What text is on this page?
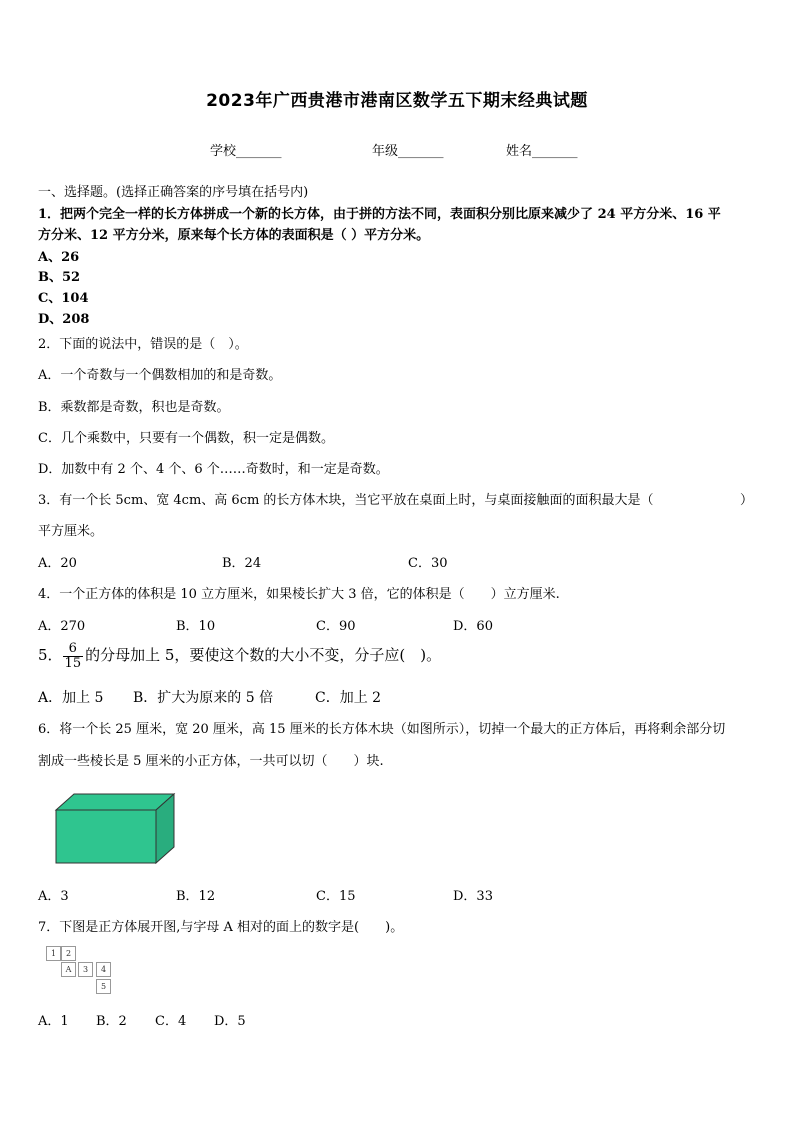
2023年广西贵港市港南区数学五下期末经典试题
学校_______	年级_______	姓名_______
一、选择题。(选择正确答案的序号填在括号内)
1．把两个完全一样的长方体拼成一个新的长方体，由于拼的方法不同，表面积分别比原来减少了 24 平方分米、16 平
方分米、12 平方分米，原来每个长方体的表面积是（ ）平方分米。
A、26
B、52
C、104
D、208
2．下面的说法中，错误的是（　）。
A．一个奇数与一个偶数相加的和是奇数。
B．乘数都是奇数，积也是奇数。
C．几个乘数中，只要有一个偶数，积一定是偶数。
D．加数中有 2 个、4 个、6 个……奇数时，和一定是奇数。
3．有一个长 5cm、宽 4cm、高 6cm 的长方体木块，当它平放在桌面上时，与桌面接触面的面积最大是（	）
平方厘米。
A．20	B．24	C．30
4．一个正方体的体积是 10 立方厘米，如果棱长扩大 3 倍，它的体积是（　　）立方厘米.
A．270	B．10	C．90	D．60
5． $\frac{6}{15}$ 的分母加上 5，要使这个数的大小不变，分子应(　)。
A．加上 5 B．扩大为原来的 5 倍	C．加上 2
6．将一个长 25 厘米，宽 20 厘米，高 15 厘米的长方体木块（如图所示），切掉一个最大的正方体后，再将剩余部分切
割成一些棱长是 5 厘米的小正方体，一共可以切（　　）块.
A．3	B．12	C．15	D．33
7．下图是正方体展开图,与字母 A 相对的面上的数字是(　　)。
1	2
A	3	4
5
A．1 B．2 C．4 D．5
